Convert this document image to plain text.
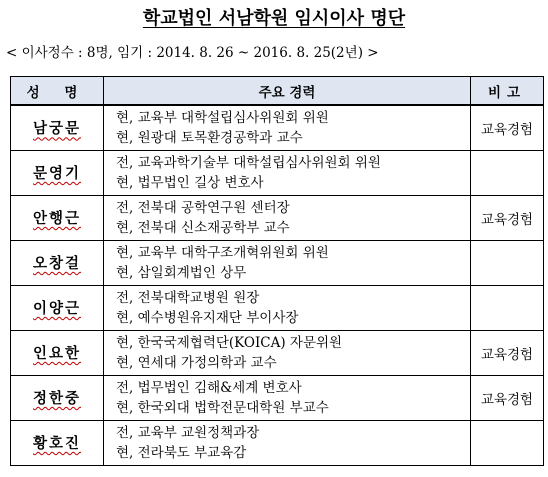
학교법인 서남학원 임시이사 명단
< 이사정수 : 8명, 임기 : 2014. 8. 26 ~ 2016. 8. 25(2년) >
성 명	주요 경력	비고
남궁문	현, 교육부 대학설립심사위원회 위원
현, 원광대 토목환경공학과 교수	교육경험
문영기	전, 교육과학기술부 대학설립심사위원회 위원
현, 법무법인 길상 변호사	

안행근	전, 전북대 공학연구원 센터장
현, 전북대 신소재공학부 교수	교육경험
오창걸	현, 교육부 대학구조개혁위원회 위원
현, 삼일회계법인 상무	

이양근	전, 전북대학교병원 원장
현, 예수병원유지재단 부이사장	

인요한	현, 한국국제협력단(KOICA) 자문위원
현, 연세대 가정의학과 교수	교육경험
정한중	전, 법무법인 김해&세계 변호사
현, 한국외대 법학전문대학원 부교수	교육경험
황호진	전, 교육부 교원정책과장
현, 전라북도 부교육감	
